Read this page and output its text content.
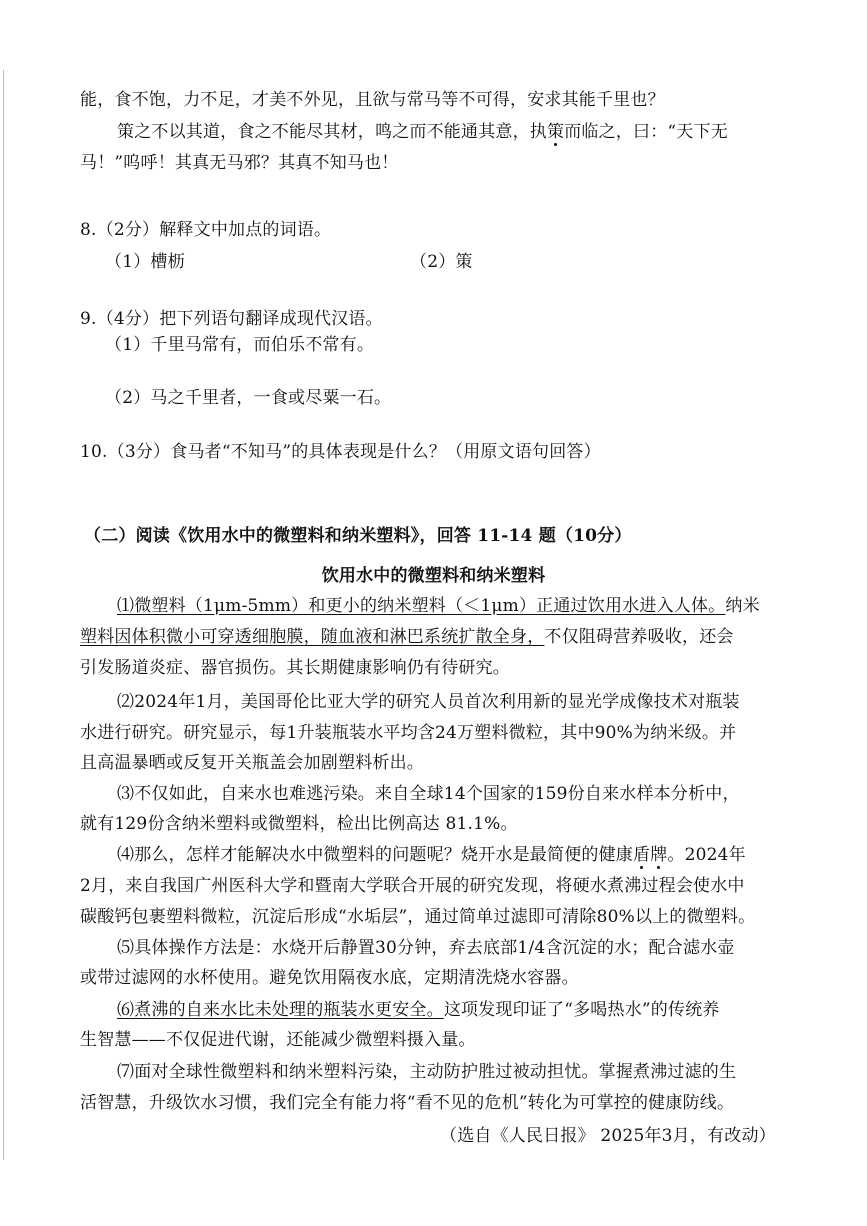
能，食不饱，力不足，才美不外见，且欲与常马等不可得，安求其能千里也？
策之不以其道，食之不能尽其材，鸣之而不能通其意，执策而临之，曰：“天下无
马！”呜呼！其真无马邪？其真不知马也！
8.（2分）解释文中加点的词语。
（1）槽枥	（2）策
9.（4分）把下列语句翻译成现代汉语。
（1）千里马常有，而伯乐不常有。
（2）马之千里者，一食或尽粟一石。
10.（3分）食马者“不知马”的具体表现是什么？（用原文语句回答）
（二）阅读《饮用水中的微塑料和纳米塑料》，回答 11-14 题（10分）
饮用水中的微塑料和纳米塑料
⑴微塑料（1μm-5mm）和更小的纳米塑料（＜1μm）正通过饮用水进入人体。纳米
塑料因体积微小可穿透细胞膜，随血液和淋巴系统扩散全身，不仅阻碍营养吸收，还会
引发肠道炎症、器官损伤。其长期健康影响仍有待研究。
⑵2024年1月，美国哥伦比亚大学的研究人员首次利用新的显光学成像技术对瓶装
水进行研究。研究显示，每1升装瓶装水平均含24万塑料微粒，其中90%为纳米级。并
且高温暴晒或反复开关瓶盖会加剧塑料析出。
⑶不仅如此，自来水也难逃污染。来自全球14个国家的159份自来水样本分析中，
就有129份含纳米塑料或微塑料，检出比例高达 81.1%。
⑷那么，怎样才能解决水中微塑料的问题呢？烧开水是最简便的健康盾牌。2024年
2月，来自我国广州医科大学和暨南大学联合开展的研究发现，将硬水煮沸过程会使水中
碳酸钙包裹塑料微粒，沉淀后形成“水垢层”，通过简单过滤即可清除80%以上的微塑料。
⑸具体操作方法是：水烧开后静置30分钟，弃去底部1/4含沉淀的水；配合滤水壶
或带过滤网的水杯使用。避免饮用隔夜水底，定期清洗烧水容器。
⑹煮沸的自来水比未处理的瓶装水更安全。这项发现印证了“多喝热水”的传统养
生智慧——不仅促进代谢，还能减少微塑料摄入量。
⑺面对全球性微塑料和纳米塑料污染，主动防护胜过被动担忧。掌握煮沸过滤的生
活智慧，升级饮水习惯，我们完全有能力将“看不见的危机”转化为可掌控的健康防线。
（选自《人民日报》 2025年3月，有改动）
